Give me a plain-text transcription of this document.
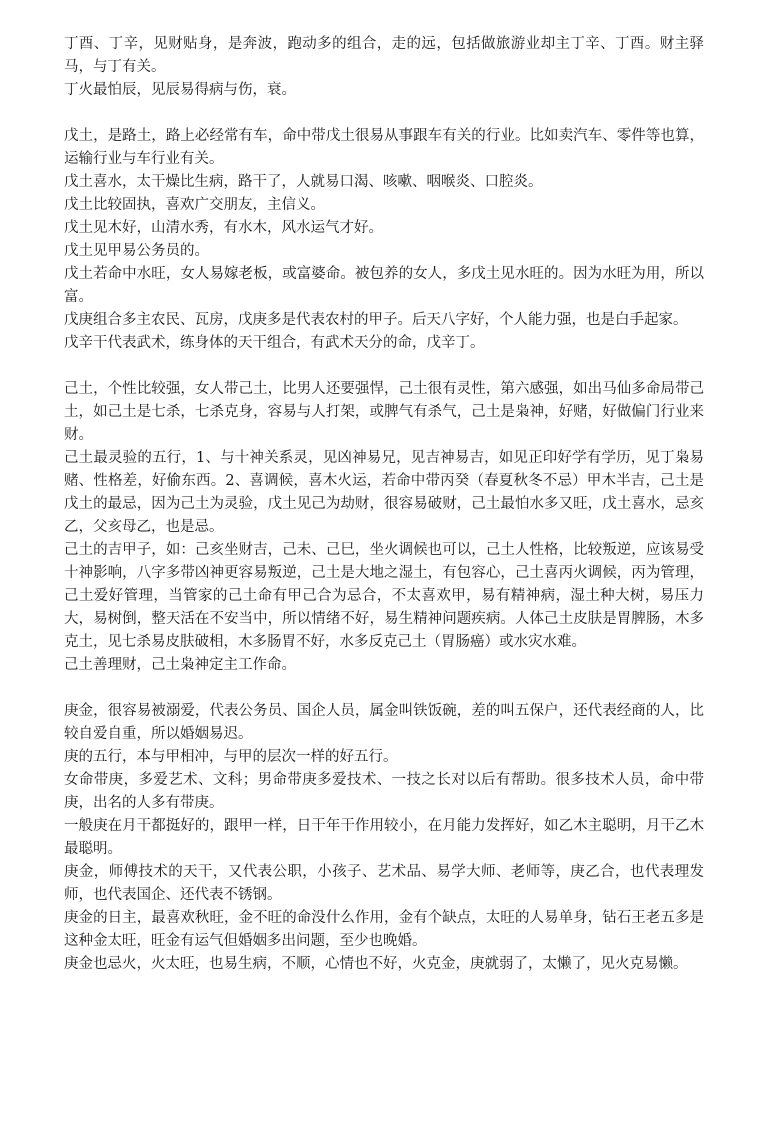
丁酉、丁辛，见财贴身，是奔波，跑动多的组合，走的远，包括做旅游业却主丁辛、丁酉。财主驿马，与丁有关。

丁火最怕辰，见辰易得病与伤，衰。

戊土，是路土，路上必经常有车，命中带戊土很易从事跟车有关的行业。比如卖汽车、零件等也算，运输行业与车行业有关。

戊土喜水，太干燥比生病，路干了，人就易口渴、咳嗽、咽喉炎、口腔炎。

戊土比较固执，喜欢广交朋友，主信义。

戊土见木好，山清水秀，有水木，风水运气才好。

戊土见甲易公务员的。

戊土若命中水旺，女人易嫁老板，或富婆命。被包养的女人，多戊土见水旺的。因为水旺为用，所以富。

戊庚组合多主农民、瓦房，戊庚多是代表农村的甲子。后天八字好，个人能力强，也是白手起家。

戊辛干代表武术，练身体的天干组合，有武术天分的命，戊辛丁。

己土，个性比较强，女人带己土，比男人还要强悍，己土很有灵性，第六感强，如出马仙多命局带己土，如己土是七杀，七杀克身，容易与人打架，或脾气有杀气，己土是枭神，好赌，好做偏门行业来财。

己土最灵验的五行，1、与十神关系灵，见凶神易兄，见吉神易吉，如见正印好学有学历，见丁枭易赌、性格差，好偷东西。2、喜调候，喜木火运，若命中带丙癸（春夏秋冬不忌）甲木半吉，己土是戊土的最忌，因为己土为灵验，戊土见己为劫财，很容易破财，己土最怕水多又旺，戊土喜水，忌亥乙，父亥母乙，也是忌。

己土的吉甲子，如：己亥坐财吉，己未、己巳，坐火调候也可以，己土人性格，比较叛逆，应该易受十神影响，八字多带凶神更容易叛逆，己土是大地之湿土，有包容心，己土喜丙火调候，丙为管理，己土爱好管理，当管家的己土命有甲己合为忌合，不太喜欢甲，易有精神病，湿土种大树，易压力大，易树倒，整天活在不安当中，所以情绪不好，易生精神问题疾病。人体己土皮肤是胃脾肠，木多克土，见七杀易皮肤破相，木多肠胃不好，水多反克己土（胃肠癌）或水灾水难。

己土善理财，己土枭神定主工作命。

庚金，很容易被溺爱，代表公务员、国企人员，属金叫铁饭碗，差的叫五保户，还代表经商的人，比较自爱自重，所以婚姻易迟。

庚的五行，本与甲相冲，与甲的层次一样的好五行。

女命带庚，多爱艺术、文科；男命带庚多爱技术、一技之长对以后有帮助。很多技术人员，命中带庚，出名的人多有带庚。

一般庚在月干都挺好的，跟甲一样，日干年干作用较小，在月能力发挥好，如乙木主聪明，月干乙木最聪明。

庚金，师傅技术的天干，又代表公职，小孩子、艺术品、易学大师、老师等，庚乙合，也代表理发师，也代表国企、还代表不锈钢。

庚金的日主，最喜欢秋旺，金不旺的命没什么作用，金有个缺点，太旺的人易单身，钻石王老五多是这种金太旺，旺金有运气但婚姻多出问题，至少也晚婚。

庚金也忌火，火太旺，也易生病，不顺，心情也不好，火克金，庚就弱了，太懒了，见火克易懒。
